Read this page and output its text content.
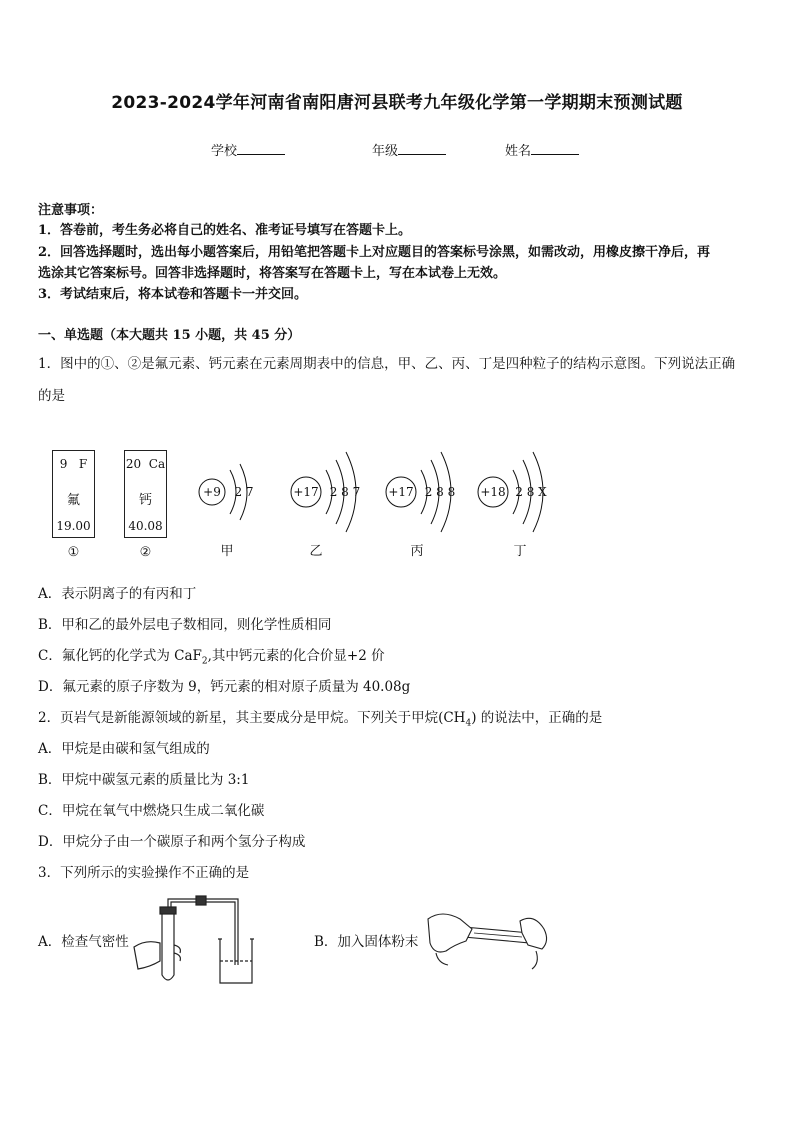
2023-2024学年河南省南阳唐河县联考九年级化学第一学期期末预测试题
学校	年级	姓名
注意事项：
1．答卷前，考生务必将自己的姓名、准考证号填写在答题卡上。
2．回答选择题时，选出每小题答案后，用铅笔把答题卡上对应题目的答案标号涂黑，如需改动，用橡皮擦干净后，再
选涂其它答案标号。回答非选择题时，将答案写在答题卡上，写在本试卷上无效。
3．考试结束后，将本试卷和答题卡一并交回。
一、单选题（本大题共 15 小题，共 45 分）
1．图中的①、②是氟元素、钙元素在元素周期表中的信息，甲、乙、丙、丁是四种粒子的结构示意图。下列说法正确
的是
9 F
氟
19.00
①
20 Ca
钙
40.08
②
+9 2 7	+17 2 8 7 +17 2 8 8 +18 2 8 X
甲	乙	丙	丁
A．表示阴离子的有丙和丁
B．甲和乙的最外层电子数相同，则化学性质相同
C．氟化钙的化学式为 CaF$_2$,其中钙元素的化合价显+2 价
D．氟元素的原子序数为 9，钙元素的相对原子质量为 40.08g
2．页岩气是新能源领域的新星，其主要成分是甲烷。下列关于甲烷$(CH_4)$ 的说法中，正确的是
A．甲烷是由碳和氢气组成的
B．甲烷中碳氢元素的质量比为 3:1
C．甲烷在氧气中燃烧只生成二氧化碳
D．甲烷分子由一个碳原子和两个氢分子构成
3．下列所示的实验操作不正确的是
A．检查气密性	B．加入固体粉末
